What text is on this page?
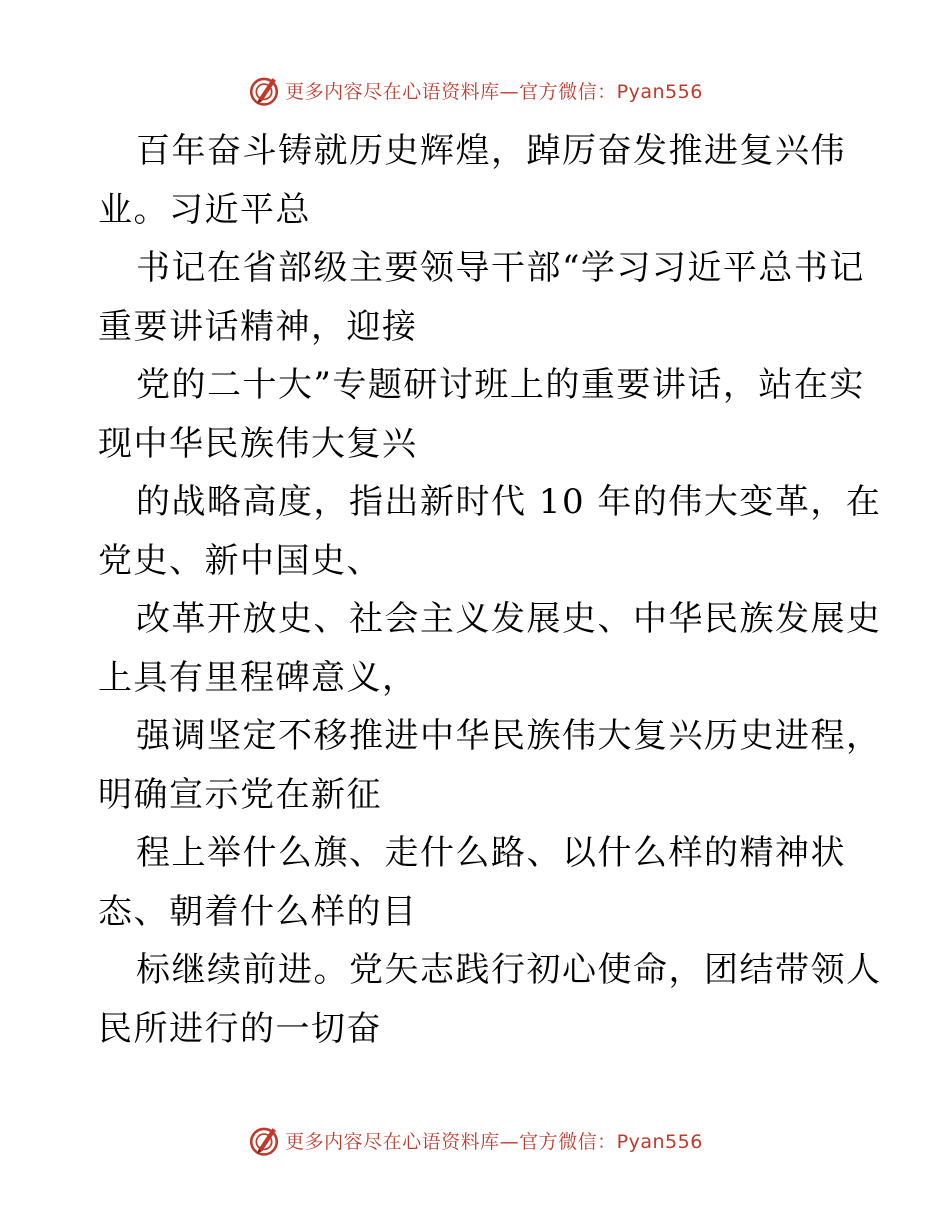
更多内容尽在心语资料库—官方微信：Pyan556
百年奋斗铸就历史辉煌，踔厉奋发推进复兴伟
业。习近平总
书记在省部级主要领导干部“学习习近平总书记
重要讲话精神，迎接
党的二十大”专题研讨班上的重要讲话，站在实
现中华民族伟大复兴
的战略高度，指出新时代 10 年的伟大变革，在
党史、新中国史、
改革开放史、社会主义发展史、中华民族发展史
上具有里程碑意义，
强调坚定不移推进中华民族伟大复兴历史进程，
明确宣示党在新征
程上举什么旗、走什么路、以什么样的精神状
态、朝着什么样的目
标继续前进。党矢志践行初心使命，团结带领人
民所进行的一切奋
更多内容尽在心语资料库—官方微信：Pyan556
